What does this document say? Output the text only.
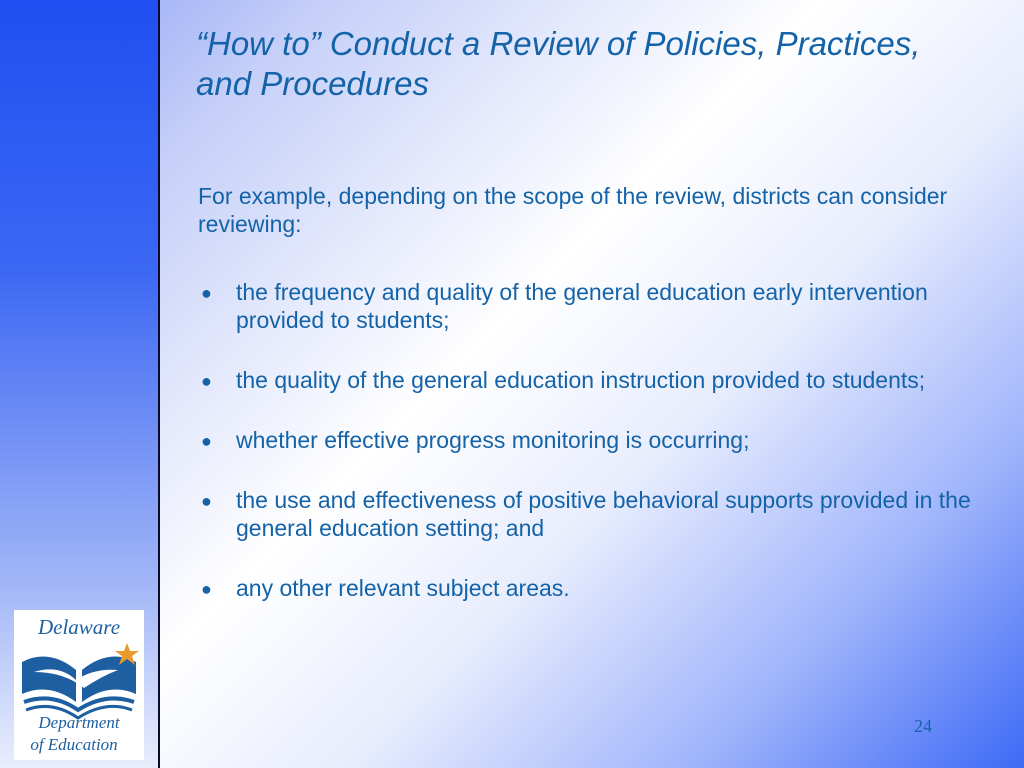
Delaware
Department
of Education
“How to” Conduct a Review of Policies, Practices, and Procedures

For example, depending on the scope of the review, districts can consider reviewing:

● the frequency and quality of the general education early intervention provided to students;
● the quality of the general education instruction provided to students;
● whether effective progress monitoring is occurring;
● the use and effectiveness of positive behavioral supports provided in the general education setting; and
● any other relevant subject areas.
24
